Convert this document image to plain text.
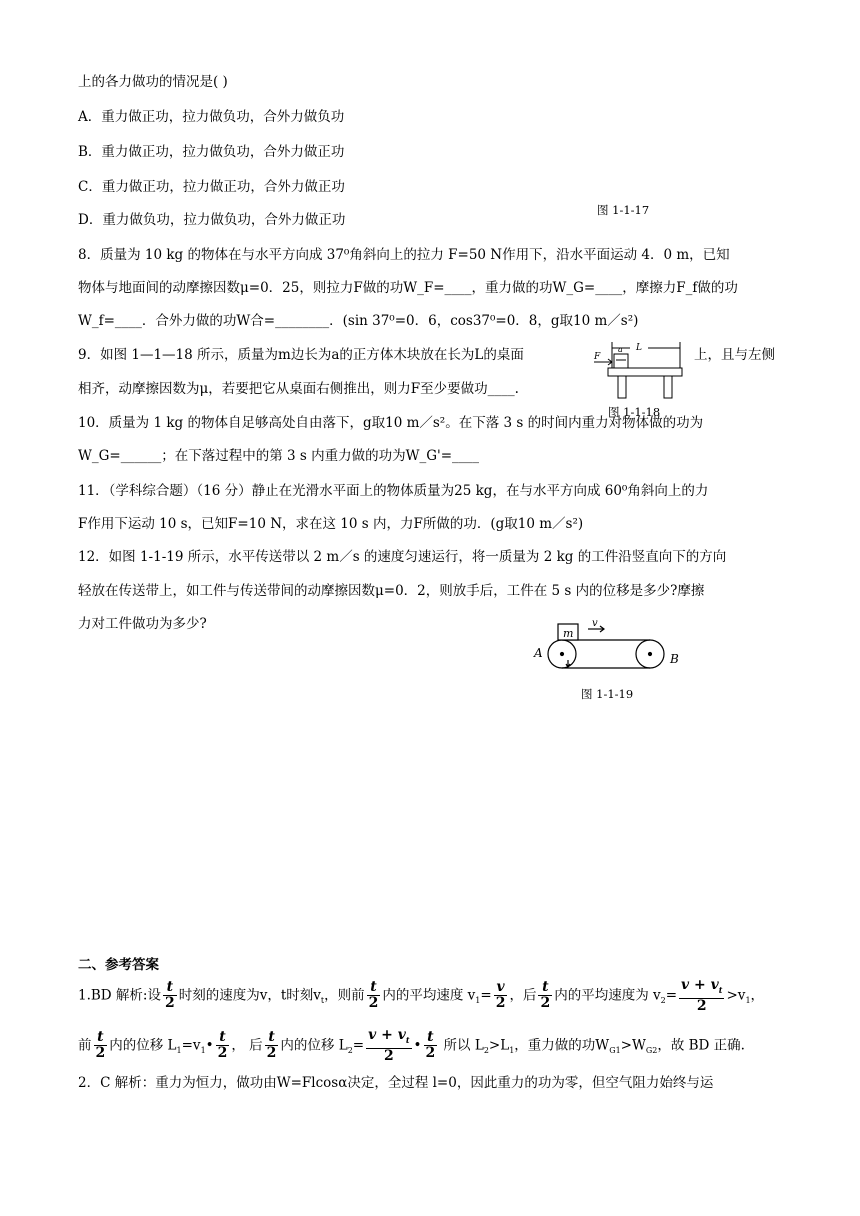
上的各力做功的情况是( )
A．重力做正功，拉力做负功，合外力做负功
B．重力做正功，拉力做负功，合外力做正功
C．重力做正功，拉力做正功，合外力做正功
D．重力做负功，拉力做负功，合外力做正功
图 1-1-17
8．质量为 10 kg 的物体在与水平方向成 37⁰角斜向上的拉力 F=50 N作用下，沿水平面运动 4．0 m，已知
物体与地面间的动摩擦因数μ=0．25，则拉力F做的功W_F=____，重力做的功W_G=____，摩擦力F_f做的功
W_f=____．合外力做的功W合=________．(sin 37⁰=0．6，cos37⁰=0．8，g取10 m／s²)
9．如图 1—1—18 所示，质量为m边长为a的正方体木块放在长为L的桌面	上，且与左侧
相齐，动摩擦因数为μ，若要把它从桌面右侧推出，则力F至少要做功____.
F
a L
图 1-1-18
10．质量为 1 kg 的物体自足够高处自由落下，g取10 m／s²。在下落 3 s 的时间内重力对物体做的功为
W_G=______；在下落过程中的第 3 s 内重力做的功为W_G'=____
11．（学科综合题）（16 分）静止在光滑水平面上的物体质量为25 kg，在与水平方向成 60⁰角斜向上的力
F作用下运动 10 s，已知F=10 N，求在这 10 s 内，力F所做的功．(g取10 m／s²)
12．如图 1-1-19 所示，水平传送带以 2 m／s 的速度匀速运行，将一质量为 2 kg 的工件沿竖直向下的方向
轻放在传送带上，如工件与传送带间的动摩擦因数μ=0．2，则放手后，工件在 5 s 内的位移是多少?摩擦
力对工件做功为多少?
m
v
A	B
图 1-1-19
二、参考答案
1.BD 解析:设 $\frac{t}{2}$ 时刻的速度为v，t时刻$v_t$，则前 $\frac{t}{2}$ 内的平均速度 $v_1= \frac{v}{2}$ ，后 $\frac{t}{2}$ 内的平均速度为 $v_2= \frac{v + v_t}{2} >v_1$，
前 $\frac{t}{2}$ 内的位移 $L_1=v_1• \frac{t}{2}$ ， 后 $\frac{t}{2}$ 内的位移 $L_2= \frac{v + v_t}{2}$ • $\frac{t}{2}$ 所以 $L_2>L_1$，重力做的功$W_{G1}>W_{G2}$，故 BD 正确.
2．C 解析：重力为恒力，做功由W=Flcosα决定，全过程 l=0，因此重力的功为零，但空气阻力始终与运
